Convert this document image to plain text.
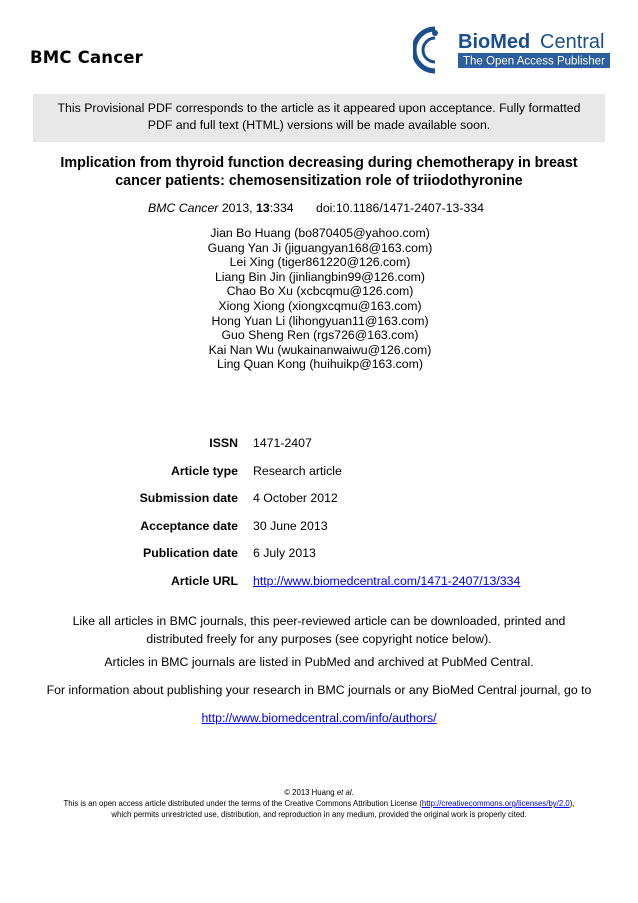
BMC Cancer
BioMed Central
The Open Access Publisher
This Provisional PDF corresponds to the article as it appeared upon acceptance. Fully formatted
PDF and full text (HTML) versions will be made available soon.
Implication from thyroid function decreasing during chemotherapy in breast
cancer patients: chemosensitization role of triiodothyronine
BMC Cancer 2013, 13:334 doi:10.1186/1471-2407-13-334
Jian Bo Huang (bo870405@yahoo.com)
Guang Yan Ji (jiguangyan168@163.com)
Lei Xing (tiger861220@126.com)
Liang Bin Jin (jinliangbin99@126.com)
Chao Bo Xu (xcbcqmu@126.com)
Xiong Xiong (xiongxcqmu@163.com)
Hong Yuan Li (lihongyuan11@163.com)
Guo Sheng Ren (rgs726@163.com)
Kai Nan Wu (wukainanwaiwu@126.com)
Ling Quan Kong (huihuikp@163.com)
ISSN 1471-2407
Article type Research article
Submission date 4 October 2012
Acceptance date 30 June 2013
Publication date 6 July 2013
Article URL http://www.biomedcentral.com/1471-2407/13/334
Like all articles in BMC journals, this peer-reviewed article can be downloaded, printed and
distributed freely for any purposes (see copyright notice below).
Articles in BMC journals are listed in PubMed and archived at PubMed Central.
For information about publishing your research in BMC journals or any BioMed Central journal, go to
http://www.biomedcentral.com/info/authors/
© 2013 Huang et al.
This is an open access article distributed under the terms of the Creative Commons Attribution License (http://creativecommons.org/licenses/by/2.0),
which permits unrestricted use, distribution, and reproduction in any medium, provided the original work is properly cited.
